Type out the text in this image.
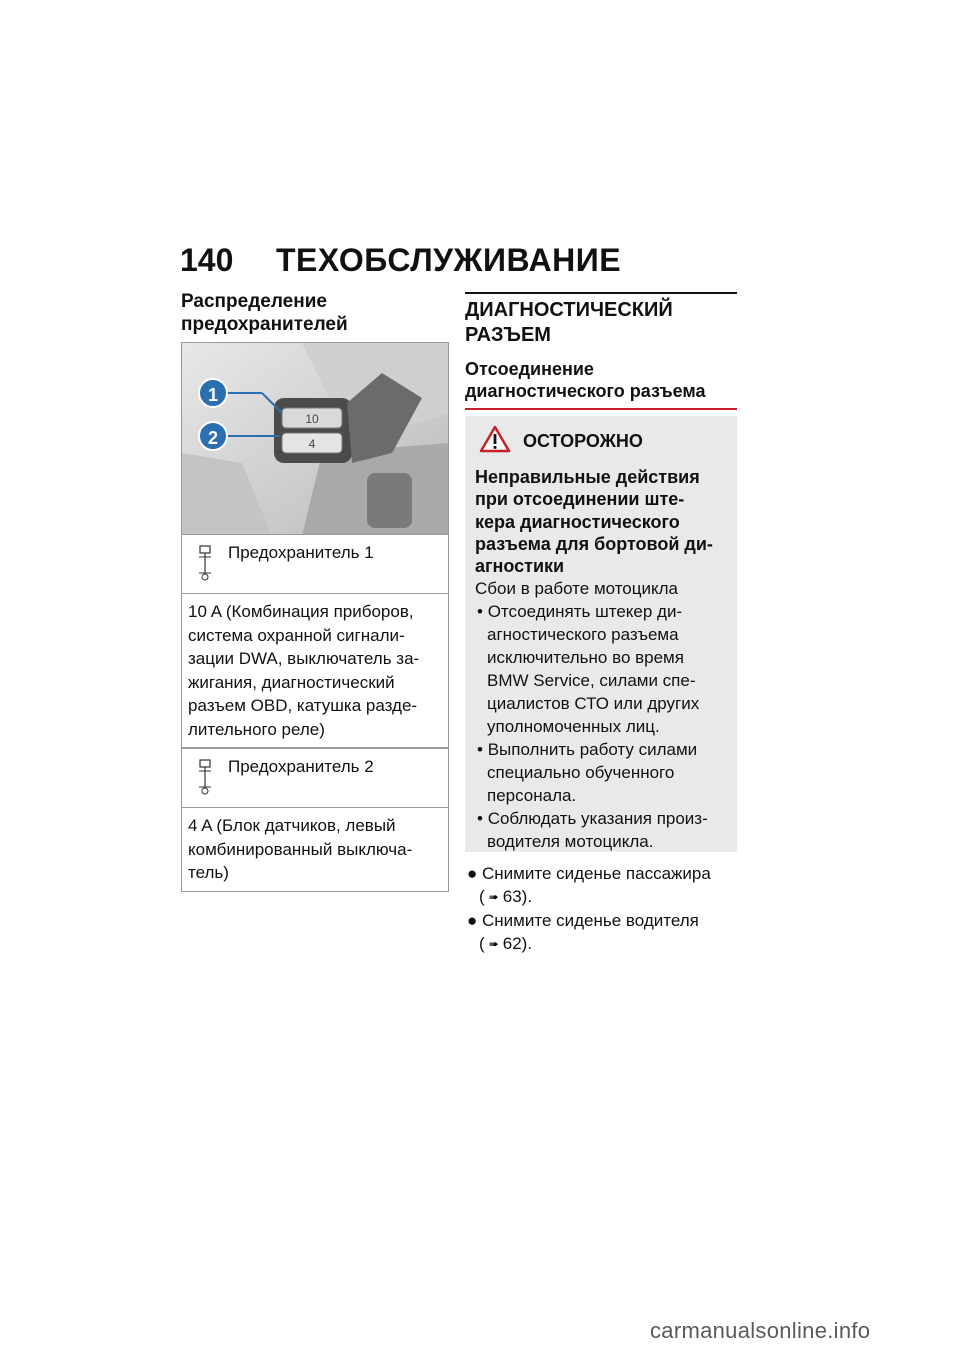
140	ТЕХОБСЛУЖИВАНИЕ
Распределение предохранителей
10
4
1
2
Предохранитель 1
10 A (Комбинация приборов, система охранной сигнали- зации DWA, выключатель за- жигания, диагностический разъем OBD, катушка разде- лительного реле)
Предохранитель 2
4 A (Блок датчиков, левый комбинированный выключа- тель)
ДИАГНОСТИЧЕСКИЙ РАЗЪЕМ
Отсоединение диагностического разъема
ОСТОРОЖНО
Неправильные действия при отсоединении ште- кера диагностического разъема для бортовой ди- агностики
Сбои в работе мотоцикла
• Отсоединять штекер ди- агностического разъема исключительно во время BMW Service, силами спе- циалистов СТО или других уполномоченных лиц.
• Выполнить работу силами специально обученного персонала.
• Соблюдать указания произ- водителя мотоцикла.
● Снимите сиденье пассажира
( ➠ 63).
● Снимите сиденье водителя
( ➠ 62).
carmanualsonline.info
